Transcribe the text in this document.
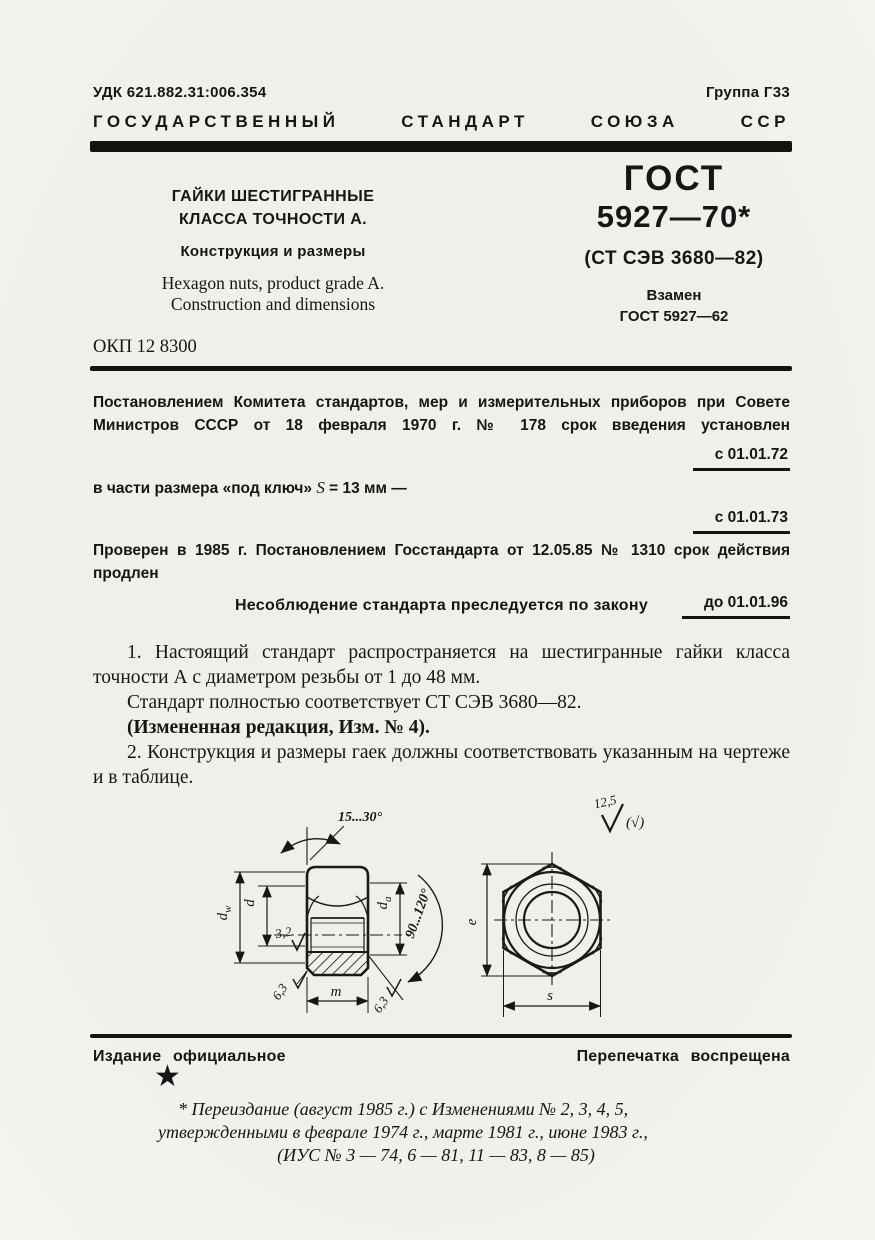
УДК 621.882.31:006.354	Группа Г33
ГОСУДАРСТВЕННЫЙ СТАНДАРТ СОЮЗА ССР
ГАЙКИ ШЕСТИГРАННЫЕ
КЛАССА ТОЧНОСТИ А.
Конструкция и размеры
Hexagon nuts, product grade A.
Construction and dimensions
ГОСТ
5927—70*
(СТ СЭВ 3680—82)
Взамен
ГОСТ 5927—62
ОКП 12 8300

Постановлением Комитета стандартов, мер и измерительных приборов при Совете Министров СССР от 18 февраля 1970 г. № 178 срок введения установлен

с 01.01.72

в части размера «под ключ» S = 13 мм —

с 01.01.73

Проверен в 1985 г. Постановлением Госстандарта от 12.05.85 № 1310 срок действия продлен

до 01.01.96
Несоблюдение стандарта преследуется по закону

1. Настоящий стандарт распространяется на шестигранные гайки класса точности А с диаметром резьбы от 1 до 48 мм.

Стандарт полностью соответствует СТ СЭВ 3680—82.

(Измененная редакция, Изм. № 4).

2. Конструкция и размеры гаек должны соответствовать указанным на чертеже и в таблице.

15...30°
$d_w$
d
3,2
$d_a$ 90...120°
6,3
6,3
m
e
s
12,5
(√)
Издание официальное	Перепечатка воспрещена
★
* Переиздание (август 1985 г.) с Изменениями № 2, 3, 4, 5,
утвержденными в феврале 1974 г., марте 1981 г., июне 1983 г.,
(ИУС № 3 — 74, 6 — 81, 11 — 83, 8 — 85)
